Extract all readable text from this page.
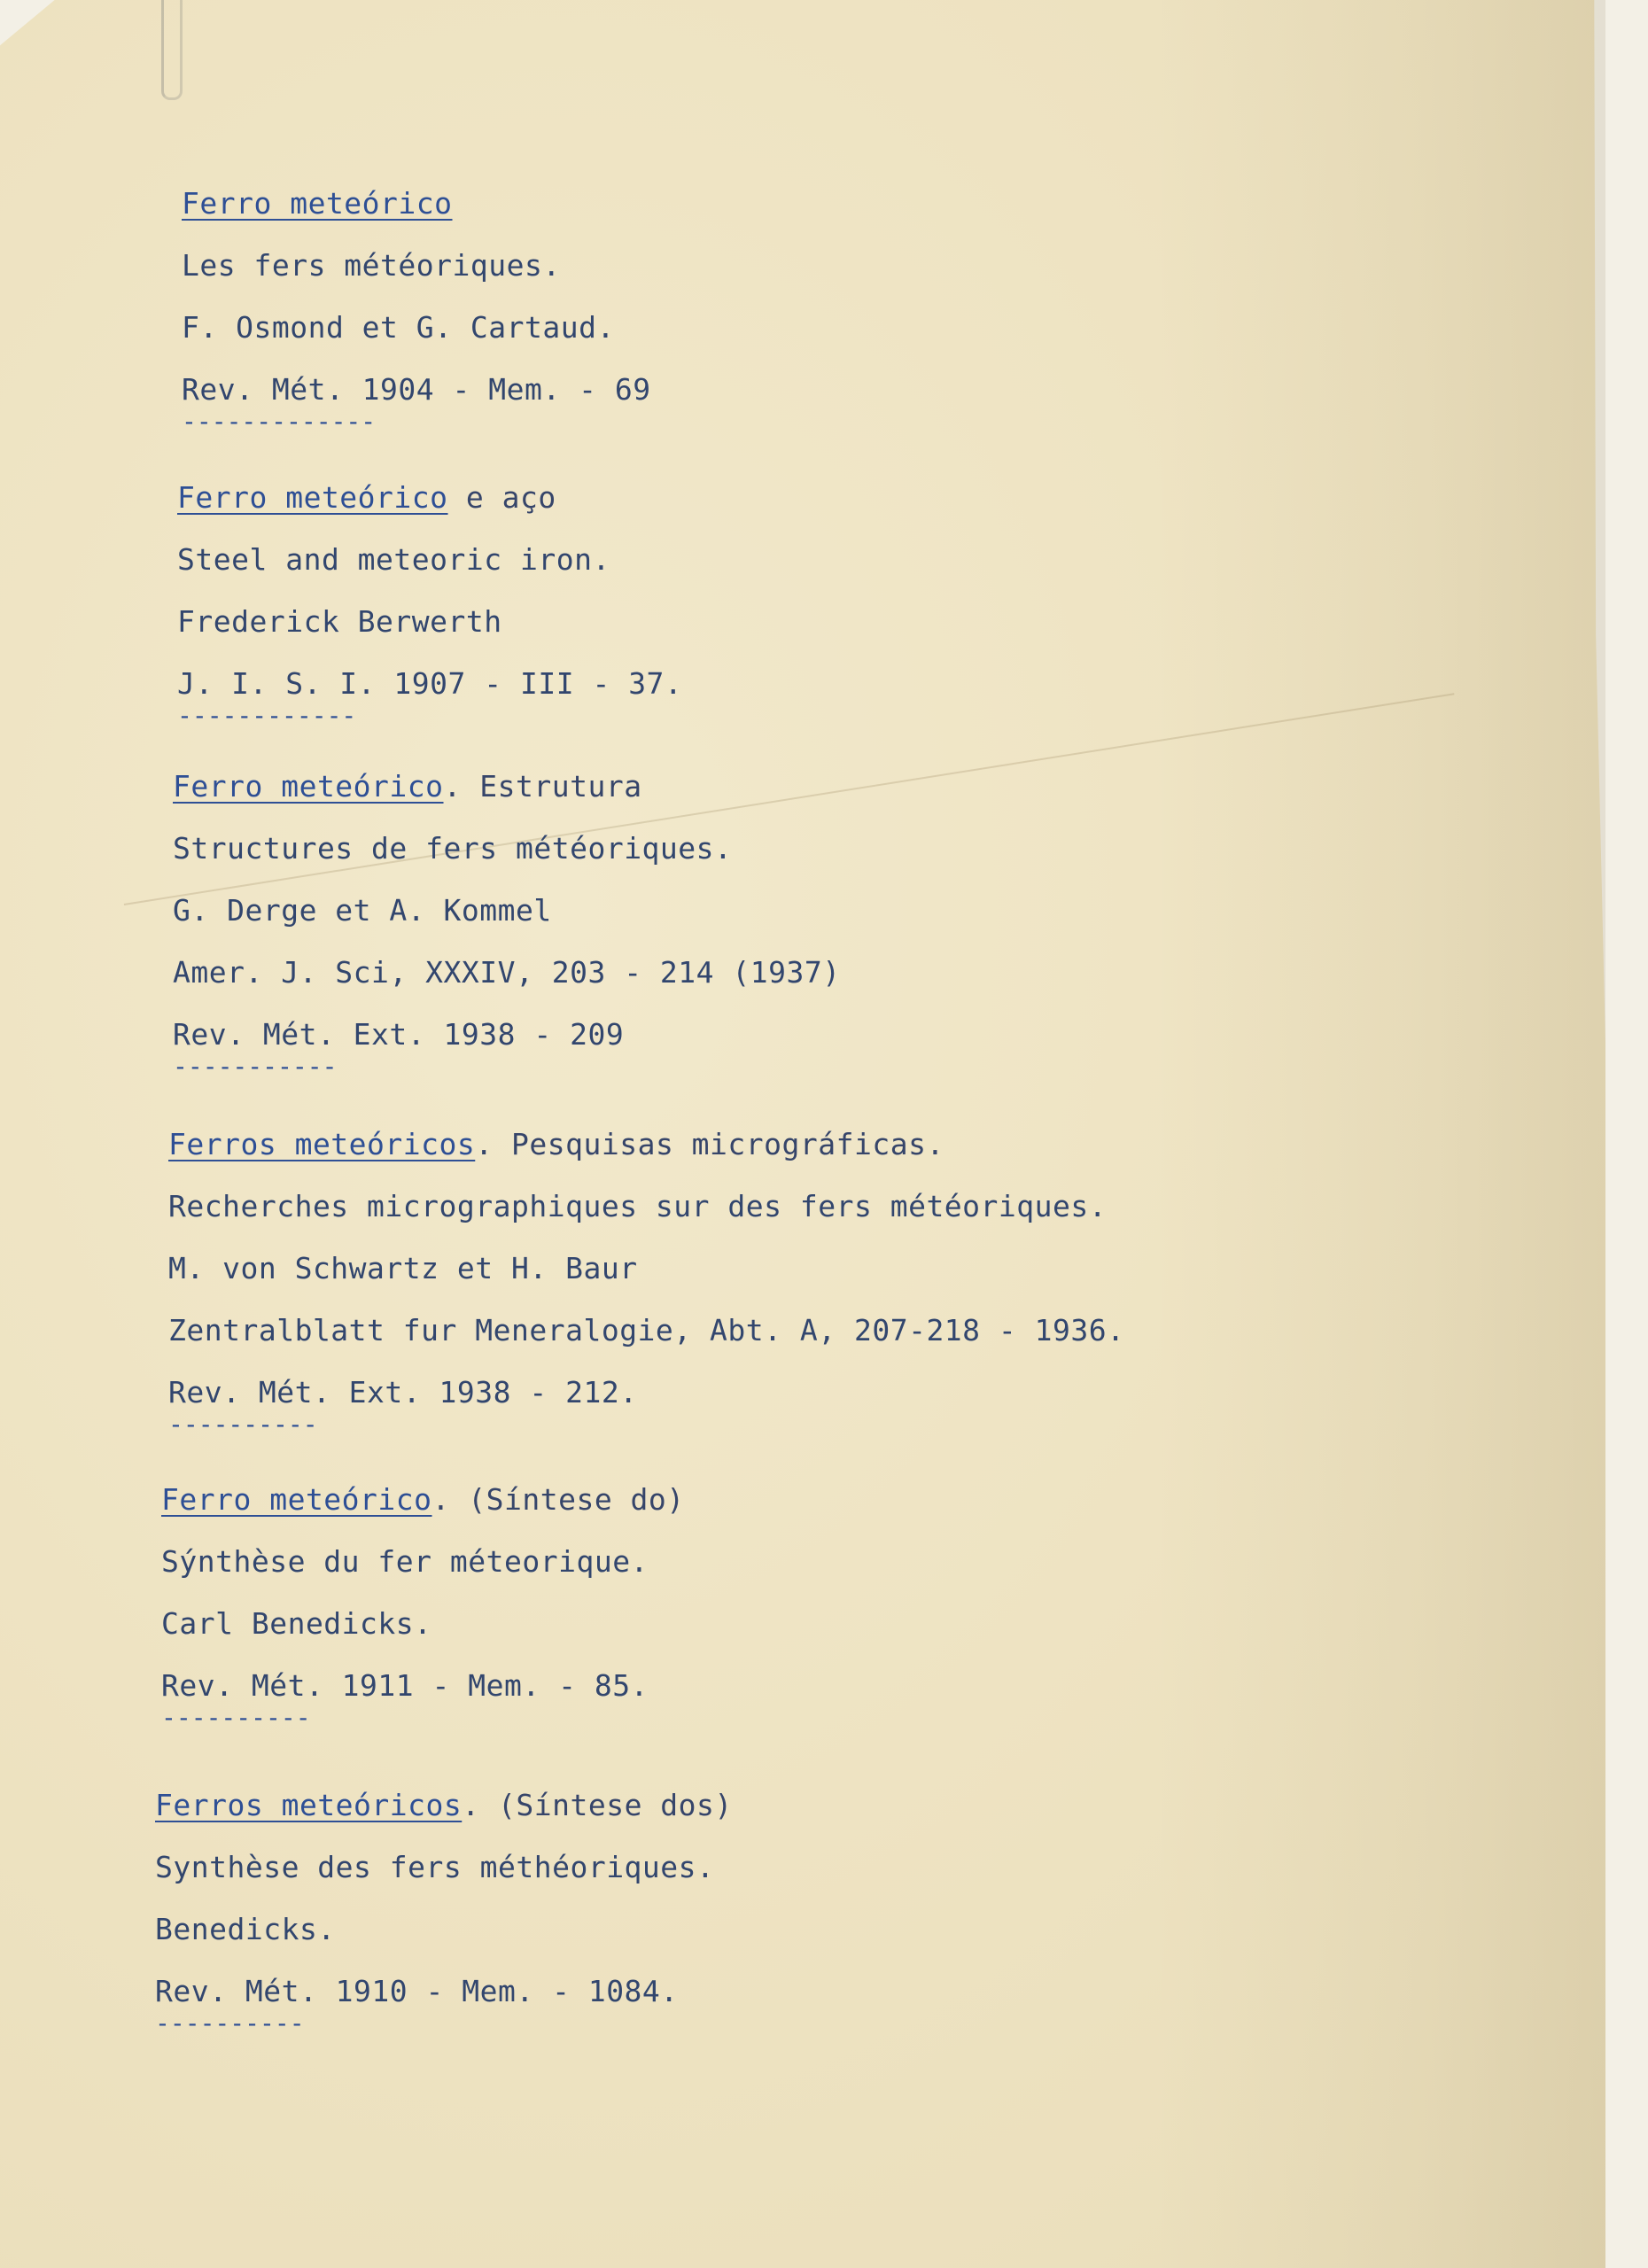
Ferro meteórico
Les fers météoriques.
F. Osmond et G. Cartaud.
Rev. Mét. 1904 - Mem. - 69
-------------
Ferro meteórico e aço
Steel and meteoric iron.
Frederick Berwerth
J. I. S. I. 1907 - III - 37.
------------
Ferro meteórico. Estrutura
Structures de fers météoriques.
G. Derge et A. Kommel
Amer. J. Sci, XXXIV, 203 - 214 (1937)
Rev. Mét. Ext. 1938 - 209
-----------
Ferros meteóricos. Pesquisas micrográficas.
Recherches micrographiques sur des fers météoriques.
M. von Schwartz et H. Baur
Zentralblatt fur Meneralogie, Abt. A, 207-218 - 1936.
Rev. Mét. Ext. 1938 - 212.
----------
Ferro meteórico. (Síntese do)
Sýnthèse du fer méteorique.
Carl Benedicks.
Rev. Mét. 1911 - Mem. - 85.
----------
Ferros meteóricos. (Síntese dos)
Synthèse des fers méthéoriques.
Benedicks.
Rev. Mét. 1910 - Mem. - 1084.
----------
